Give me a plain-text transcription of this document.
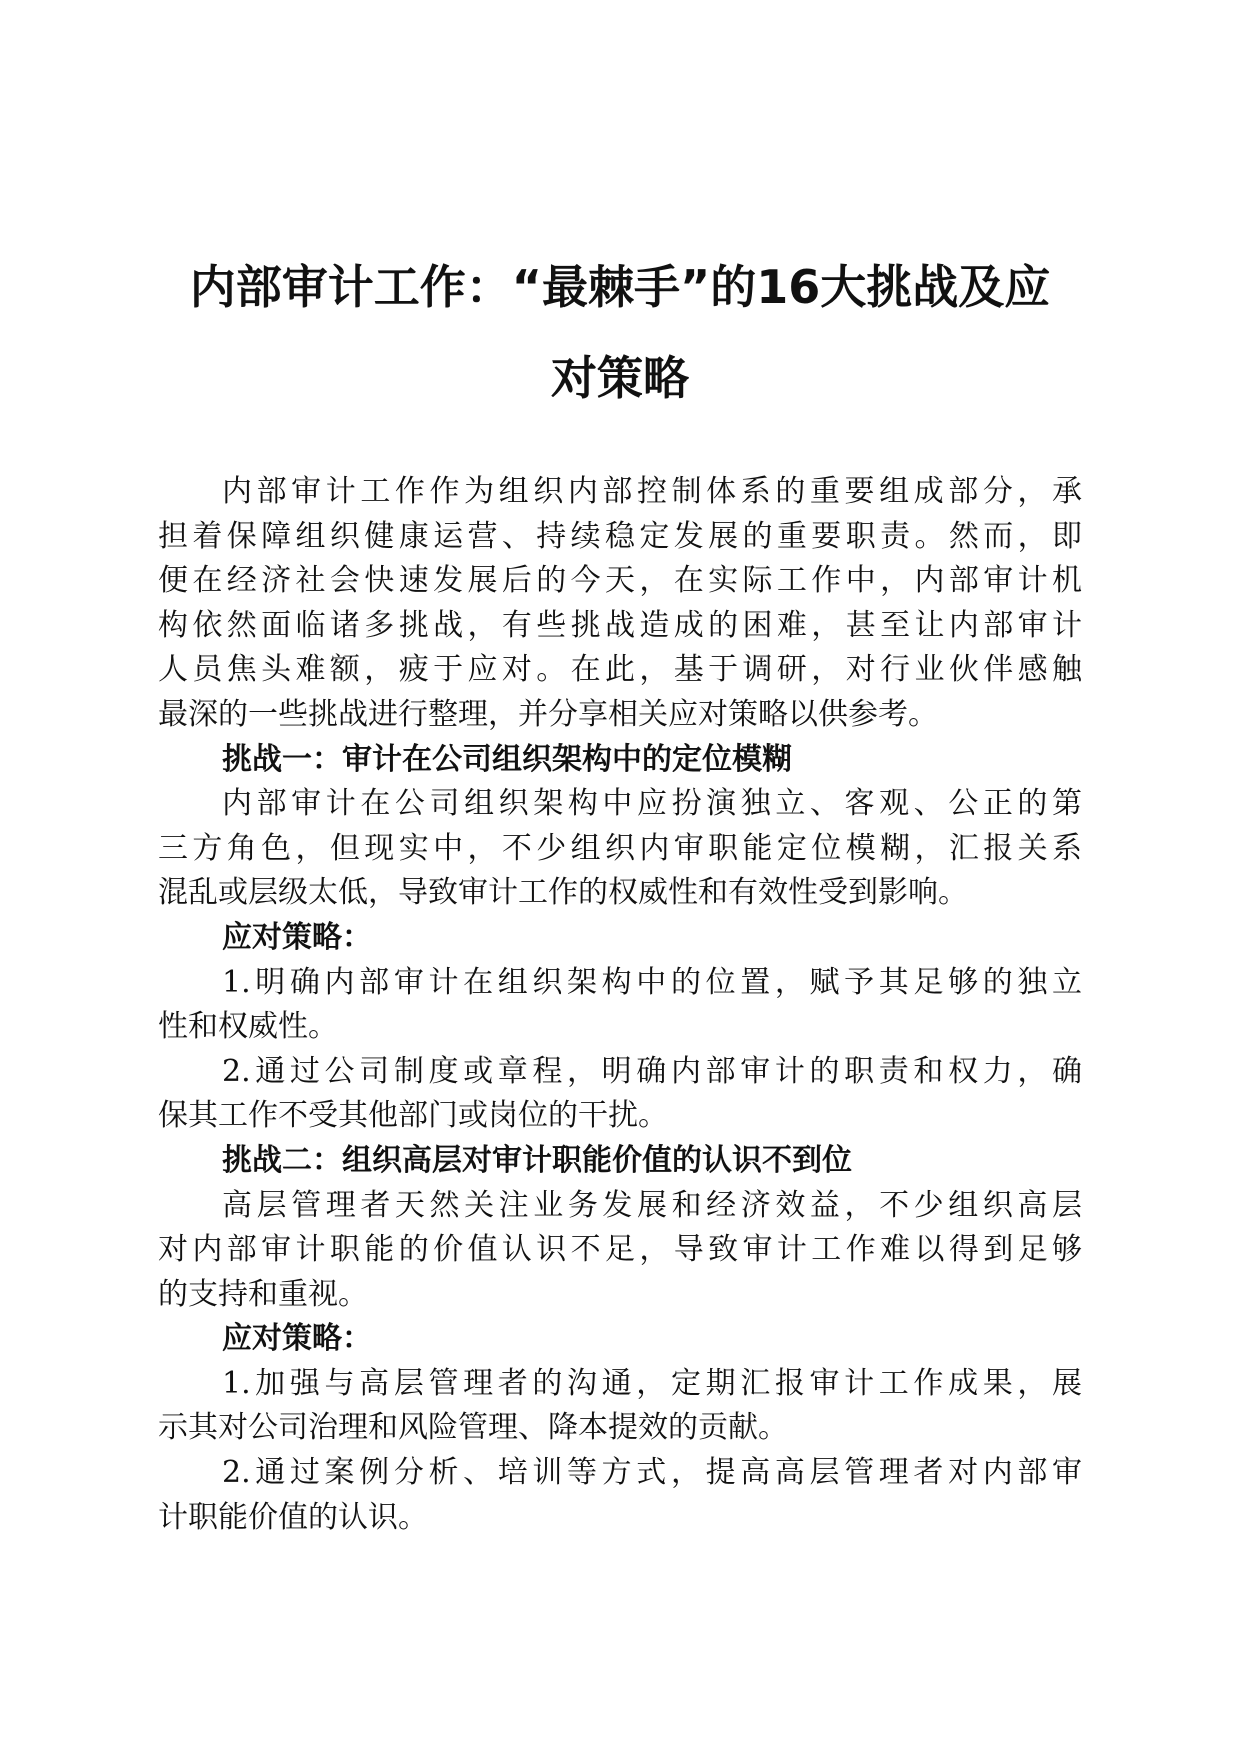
内部审计工作：“最棘手”的16大挑战及应
对策略
内部审计工作作为组织内部控制体系的重要组成部分，承
担着保障组织健康运营、持续稳定发展的重要职责。然而，即
便在经济社会快速发展后的今天，在实际工作中，内部审计机
构依然面临诸多挑战，有些挑战造成的困难，甚至让内部审计
人员焦头难额，疲于应对。在此，基于调研，对行业伙伴感触
最深的一些挑战进行整理，并分享相关应对策略以供参考。
挑战一：审计在公司组织架构中的定位模糊
内部审计在公司组织架构中应扮演独立、客观、公正的第
三方角色，但现实中，不少组织内审职能定位模糊，汇报关系
混乱或层级太低，导致审计工作的权威性和有效性受到影响。
应对策略：
1.明确内部审计在组织架构中的位置，赋予其足够的独立
性和权威性。
2.通过公司制度或章程，明确内部审计的职责和权力，确
保其工作不受其他部门或岗位的干扰。
挑战二：组织高层对审计职能价值的认识不到位
高层管理者天然关注业务发展和经济效益，不少组织高层
对内部审计职能的价值认识不足，导致审计工作难以得到足够
的支持和重视。
应对策略：
1.加强与高层管理者的沟通，定期汇报审计工作成果，展
示其对公司治理和风险管理、降本提效的贡献。
2.通过案例分析、培训等方式，提高高层管理者对内部审
计职能价值的认识。
